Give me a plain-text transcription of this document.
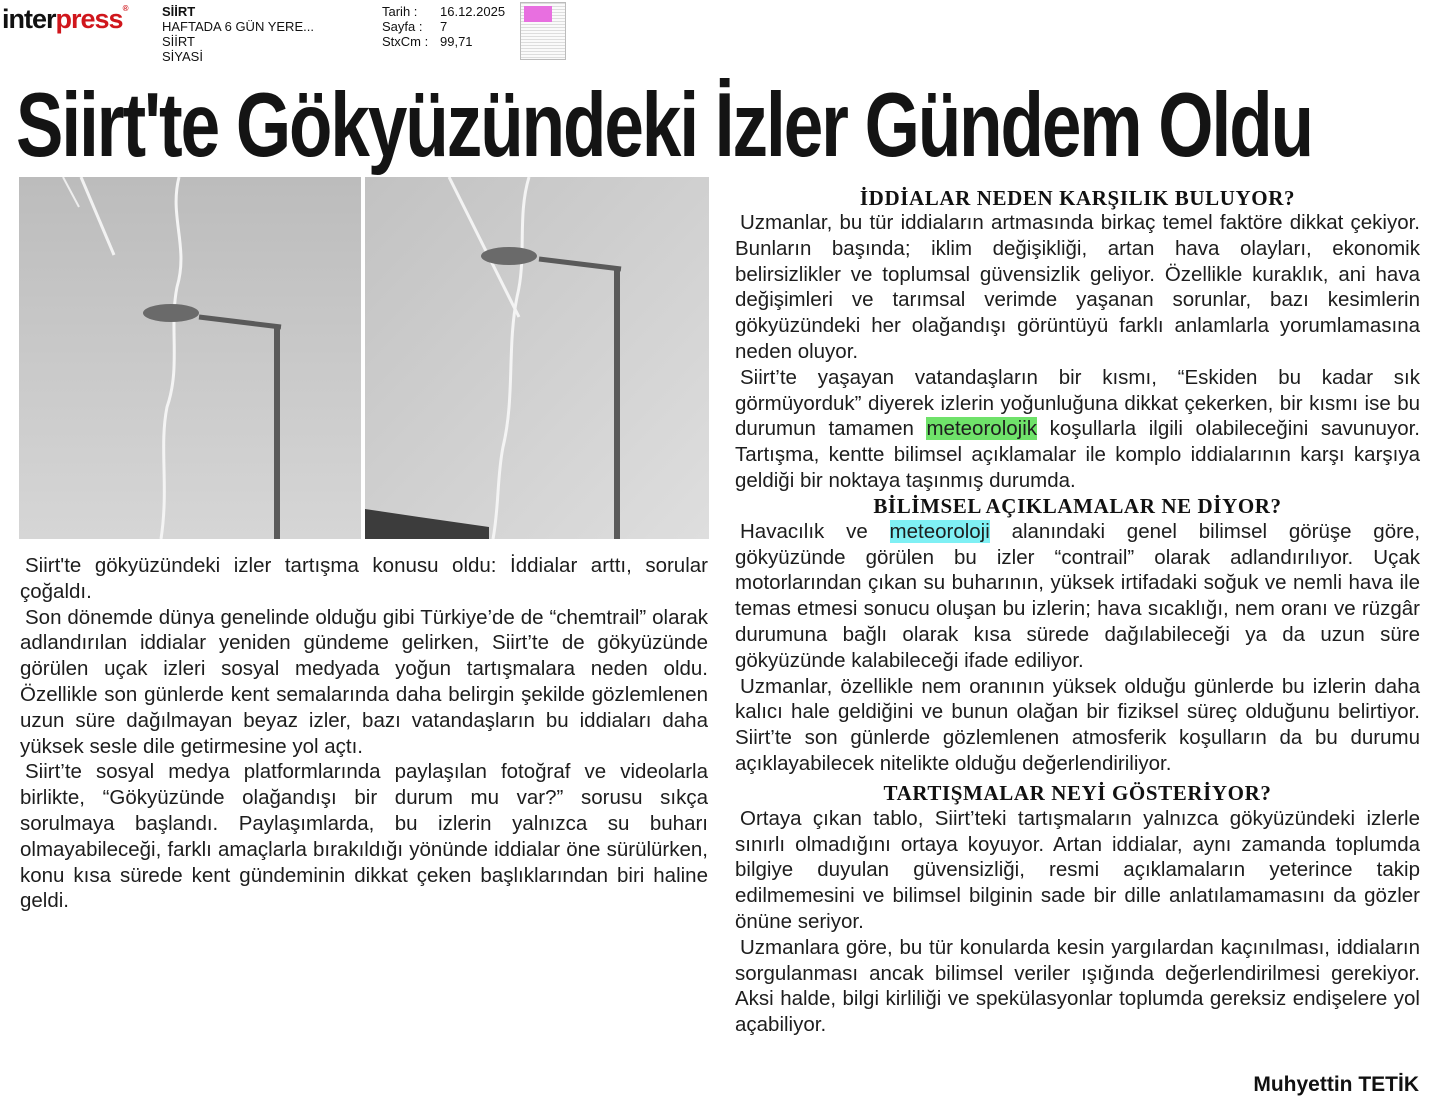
interpress®	SİİRT
HAFTADA 6 GÜN YERE...
SİİRT
SİYASİ
Tarih :	16.12.2025
Sayfa :	7
StxCm : 99,71
Siirt'te Gökyüzündeki İzler Gündem Oldu

Siirt'te gökyüzündeki izler tartışma konusu oldu: İddialar arttı, sorular çoğaldı.

Son dönemde dünya genelinde olduğu gibi Türkiye’de de “chemtrail” olarak adlandırılan iddialar yeniden gündeme gelirken, Siirt’te de gökyüzünde görülen uçak izleri sosyal medyada yoğun tartışmalara neden oldu. Özellikle son günlerde kent semalarında daha belirgin şekilde gözlemlenen uzun süre dağılmayan beyaz izler, bazı vatandaşların bu iddiaları daha yüksek sesle dile getirmesine yol açtı.

Siirt’te sosyal medya platformlarında paylaşılan fotoğraf ve videolarla birlikte, “Gökyüzünde olağandışı bir durum mu var?” sorusu sıkça sorulmaya başlandı. Paylaşımlarda, bu izlerin yalnızca su buharı olmayabileceği, farklı amaçlarla bırakıldığı yönünde iddialar öne sürülürken, konu kısa sürede kent gündeminin dikkat çeken başlıklarından biri haline geldi.

İDDİALAR NEDEN KARŞILIK BULUYOR?

Uzmanlar, bu tür iddiaların artmasında birkaç temel faktöre dikkat çekiyor. Bunların başında; iklim değişikliği, artan hava olayları, ekonomik belirsizlikler ve toplumsal güvensizlik geliyor. Özellikle kuraklık, ani hava değişimleri ve tarımsal verimde yaşanan sorunlar, bazı kesimlerin gökyüzündeki her olağandışı görüntüyü farklı anlamlarla yorumlamasına neden oluyor.

Siirt’te yaşayan vatandaşların bir kısmı, “Eskiden bu kadar sık görmüyorduk” diyerek izlerin yoğunluğuna dikkat çekerken, bir kısmı ise bu durumun tamamen meteorolojik koşullarla ilgili olabileceğini savunuyor. Tartışma, kentte bilimsel açıklamalar ile komplo iddialarının karşı karşıya geldiği bir noktaya taşınmış durumda.

BİLİMSEL AÇIKLAMALAR NE DİYOR?

Havacılık ve meteoroloji alanındaki genel bilimsel görüşe göre, gökyüzünde görülen bu izler “contrail” olarak adlandırılıyor. Uçak motorlarından çıkan su buharının, yüksek irtifadaki soğuk ve nemli hava ile temas etmesi sonucu oluşan bu izlerin; hava sıcaklığı, nem oranı ve rüzgâr durumuna bağlı olarak kısa sürede dağılabileceği ya da uzun süre gökyüzünde kalabileceği ifade ediliyor.

Uzmanlar, özellikle nem oranının yüksek olduğu günlerde bu izlerin daha kalıcı hale geldiğini ve bunun olağan bir fiziksel süreç olduğunu belirtiyor. Siirt’te son günlerde gözlemlenen atmosferik koşulların da bu durumu açıklayabilecek nitelikte olduğu değerlendiriliyor.

TARTIŞMALAR NEYİ GÖSTERİYOR?

Ortaya çıkan tablo, Siirt’teki tartışmaların yalnızca gökyüzündeki izlerle sınırlı olmadığını ortaya koyuyor. Artan iddialar, aynı zamanda toplumda bilgiye duyulan güvensizliği, resmi açıklamaların yeterince takip edilmemesini ve bilimsel bilginin sade bir dille anlatılamamasını da gözler önüne seriyor.

Uzmanlara göre, bu tür konularda kesin yargılardan kaçınılması, iddiaların sorgulanması ancak bilimsel veriler ışığında değerlendirilmesi gerekiyor. Aksi halde, bilgi kirliliği ve spekülasyonlar toplumda gereksiz endişelere yol açabiliyor.

Muhyettin TETİK
